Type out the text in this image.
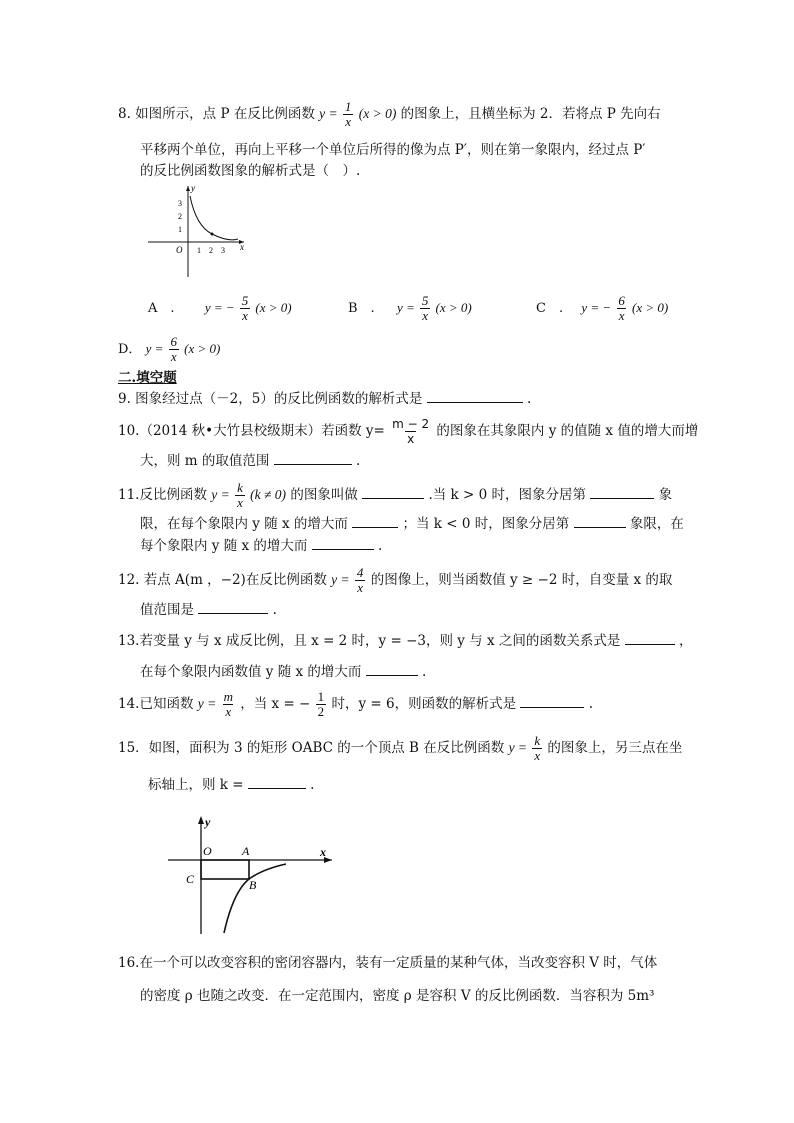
8. 如图所示，点 P 在反比例函数 $y = \frac{1}{x} (x > 0)$ 的图象上，且横坐标为 2．若将点 P 先向右
平移两个单位，再向上平移一个单位后所得的像为点 P′，则在第一象限内，经过点 P′
的反比例函数图象的解析式是（　）.
y
x
O
3
2
1
1 2 3
A　. y = − $\frac{5}{x} (x > 0)$	B　. $y = \frac{5}{x} (x > 0)$	C　. y = − $\frac{6}{x} (x > 0)$
D． $y = \frac{6}{x} (x > 0)$
二.填空题
9. 图象经过点（－2，5）的反比例函数的解析式是	.
10.（2014 秋•大竹县校级期末）若函数 $y= \frac{m - 2}{x}$ 的图象在其象限内 y 的值随 x 值的增大而增
大，则 m 的取值范围	.
11.反比例函数 $y = \frac{k}{x} (k \ne 0)$ 的图象叫做	.当 k > 0 时，图象分居第	象
限，在每个象限内 y 随 x 的增大而	；当 k < 0 时，图象分居第	象限，在
每个象限内 y 随 x 的增大而	.
12. 若点 A(m ，−2)在反比例函数 $y = \frac{4}{x}$ 的图像上，则当函数值 y ≥ −2 时，自变量 x 的取
值范围是	.
13.若变量 y 与 x 成反比例，且 x = 2 时，y = −3，则 y 与 x 之间的函数关系式是	，
在每个象限内函数值 y 随 x 的增大而	.
14.已知函数 $y = \frac{m}{x}$ ，当 x = − $\frac{1}{2}$ 时，y = 6，则函数的解析式是	.
15．如图，面积为 3 的矩形 OABC 的一个顶点 B 在反比例函数 $y = \frac{k}{x}$ 的图象上，另三点在坐
标轴上，则 k =	.
y
x
O	A
B
C
16.在一个可以改变容积的密闭容器内，装有一定质量的某种气体，当改变容积 V 时，气体
的密度 ρ 也随之改变．在一定范围内，密度 ρ 是容积 V 的反比例函数．当容积为 5m³
